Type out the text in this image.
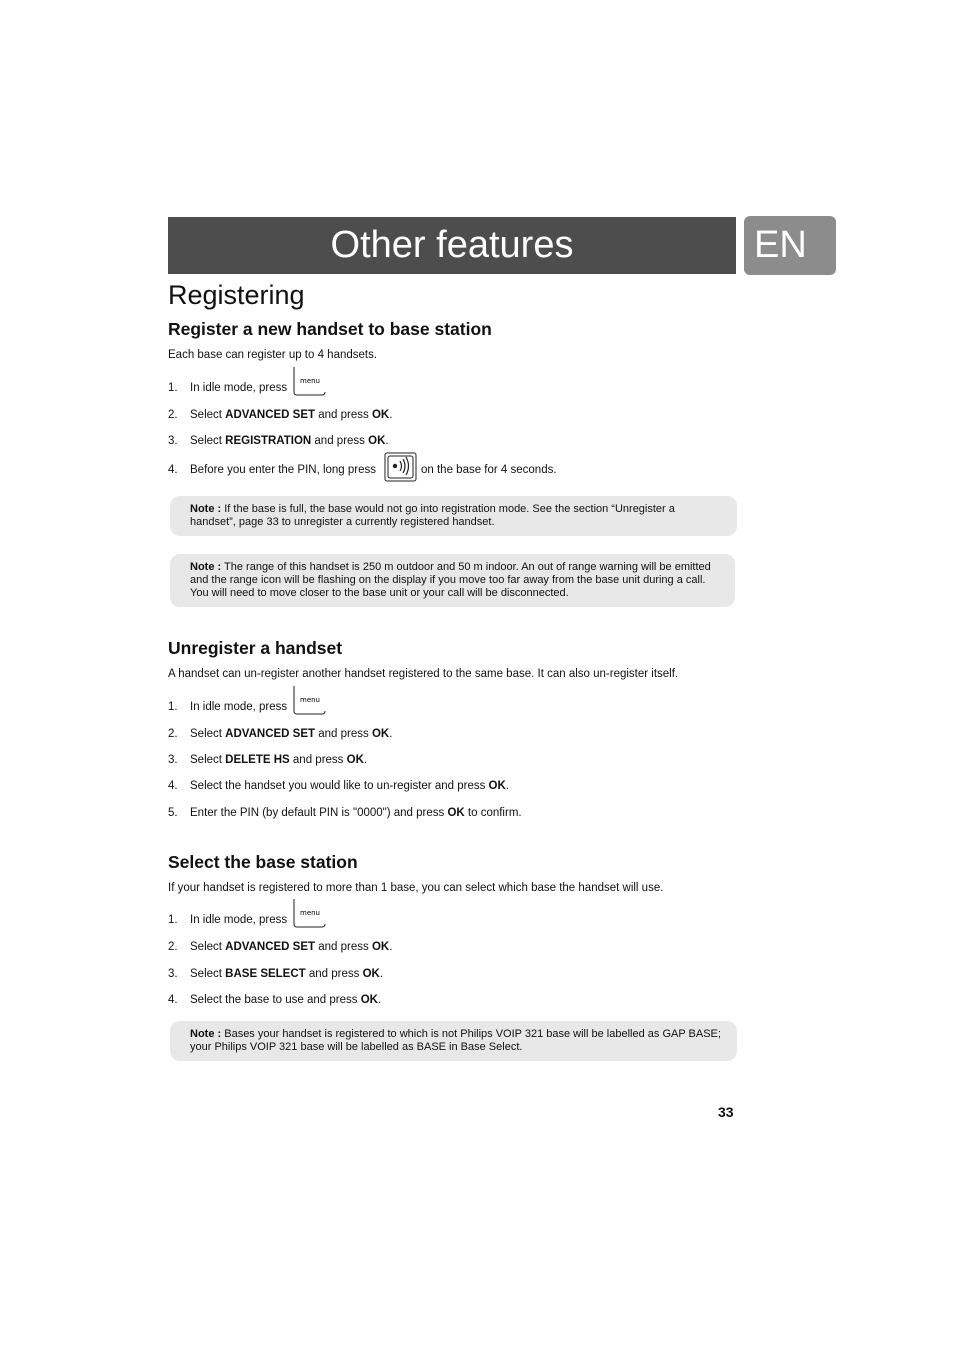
Other features	EN
Registering
Register a new handset to base station
Each base can register up to 4 handsets.
1. In idle mode, press
menu
2. Select ADVANCED SET and press OK.
3. Select REGISTRATION and press OK.
4. Before you enter the PIN, long press	on the base for 4 seconds.
Note : If the base is full, the base would not go into registration mode. See the section “Unregister a handset”, page 33 to unregister a currently registered handset.
Note : The range of this handset is 250 m outdoor and 50 m indoor. An out of range warning will be emitted and the range icon will be flashing on the display if you move too far away from the base unit during a call. You will need to move closer to the base unit or your call will be disconnected.
Unregister a handset
A handset can un-register another handset registered to the same base. It can also un-register itself.
1. In idle mode, press
menu
2. Select ADVANCED SET and press OK.
3. Select DELETE HS and press OK.
4. Select the handset you would like to un-register and press OK.
5. Enter the PIN (by default PIN is "0000") and press OK to confirm.
Select the base station
If your handset is registered to more than 1 base, you can select which base the handset will use.
1. In idle mode, press
menu
2. Select ADVANCED SET and press OK.
3. Select BASE SELECT and press OK.
4. Select the base to use and press OK.
Note : Bases your handset is registered to which is not Philips VOIP 321 base will be labelled as GAP BASE; your Philips VOIP 321 base will be labelled as BASE in Base Select.
33
